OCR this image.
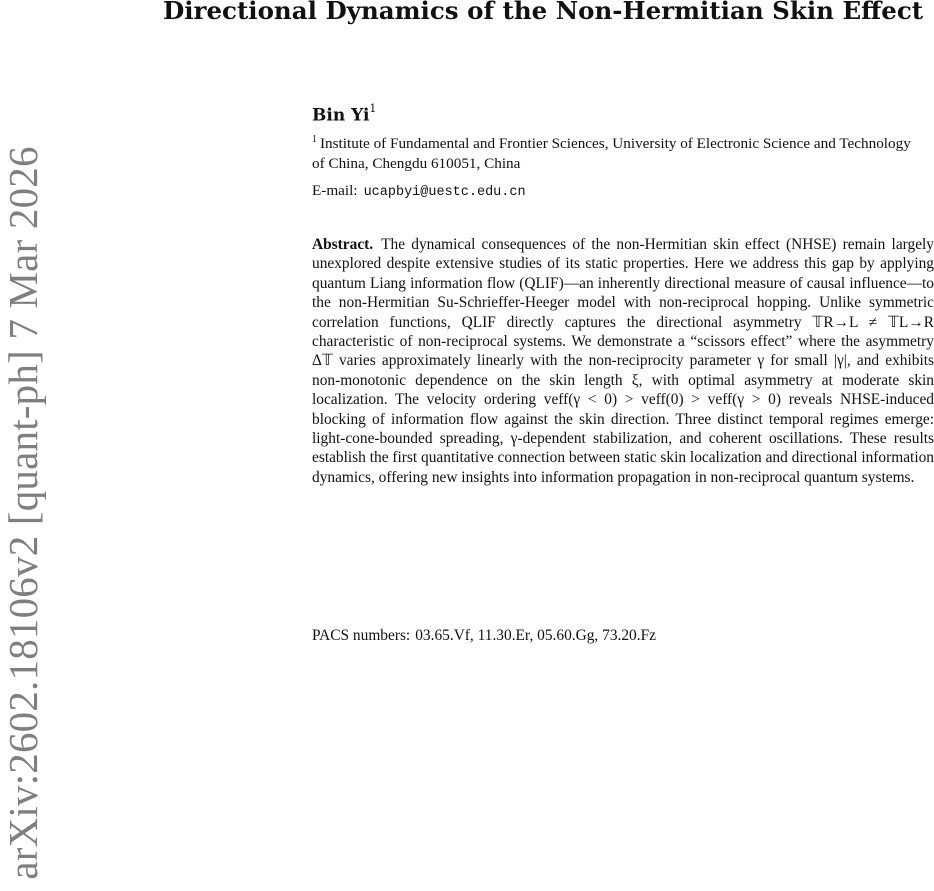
arXiv:2602.18106v2 [quant-ph] 7 Mar 2026
Directional Dynamics of the Non-Hermitian Skin Effect
Bin Yi$^1$
$^1$ Institute of Fundamental and Frontier Sciences, University of Electronic Science and Technology of China, Chengdu 610051, China
E-mail: ucapbyi@uestc.edu.cn
Abstract. The dynamical consequences of the non-Hermitian skin effect (NHSE) remain largely unexplored despite extensive studies of its static properties. Here we address this gap by applying quantum Liang information flow (QLIF)—an inherently directional measure of causal influence—to the non-Hermitian Su-Schrieffer-Heeger model with non-reciprocal hopping. Unlike symmetric correlation functions, QLIF directly captures the directional asymmetry 𝕋R→L ≠ 𝕋L→R characteristic of non-reciprocal systems. We demonstrate a “scissors effect” where the asymmetry Δ𝕋 varies approximately linearly with the non-reciprocity parameter γ for small |γ|, and exhibits non-monotonic dependence on the skin length ξ, with optimal asymmetry at moderate skin localization. The velocity ordering veff(γ < 0) > veff(0) > veff(γ > 0) reveals NHSE-induced blocking of information flow against the skin direction. Three distinct temporal regimes emerge: light-cone-bounded spreading, γ-dependent stabilization, and coherent oscillations. These results establish the first quantitative connection between static skin localization and directional information dynamics, offering new insights into information propagation in non-reciprocal quantum systems.
PACS numbers: 03.65.Vf, 11.30.Er, 05.60.Gg, 73.20.Fz
